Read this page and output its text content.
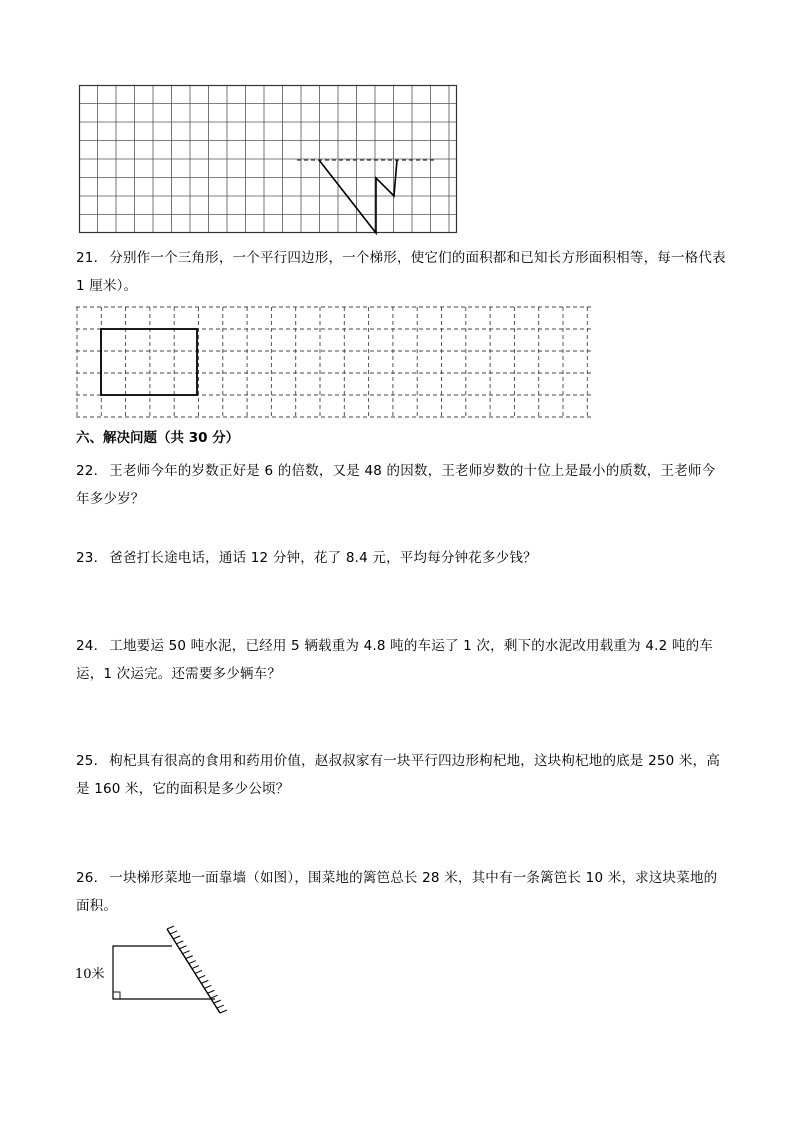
21． 分别作一个三角形，一个平行四边形，一个梯形，使它们的面积都和已知长方形面积相等，每一格代表 1 厘米）。
六、解决问题（共 30 分）
22． 王老师今年的岁数正好是 6 的倍数，又是 48 的因数，王老师岁数的十位上是最小的质数，王老师今年多少岁？
23． 爸爸打长途电话，通话 12 分钟，花了 8.4 元，平均每分钟花多少钱？
24． 工地要运 50 吨水泥，已经用 5 辆载重为 4.8 吨的车运了 1 次，剩下的水泥改用载重为 4.2 吨的车运，1 次运完。还需要多少辆车？
25． 枸杞具有很高的食用和药用价值，赵叔叔家有一块平行四边形枸杞地，这块枸杞地的底是 250 米，高是 160 米，它的面积是多少公顷？
26． 一块梯形菜地一面靠墙（如图），围菜地的篱笆总长 28 米，其中有一条篱笆长 10 米，求这块菜地的面积。
10米
